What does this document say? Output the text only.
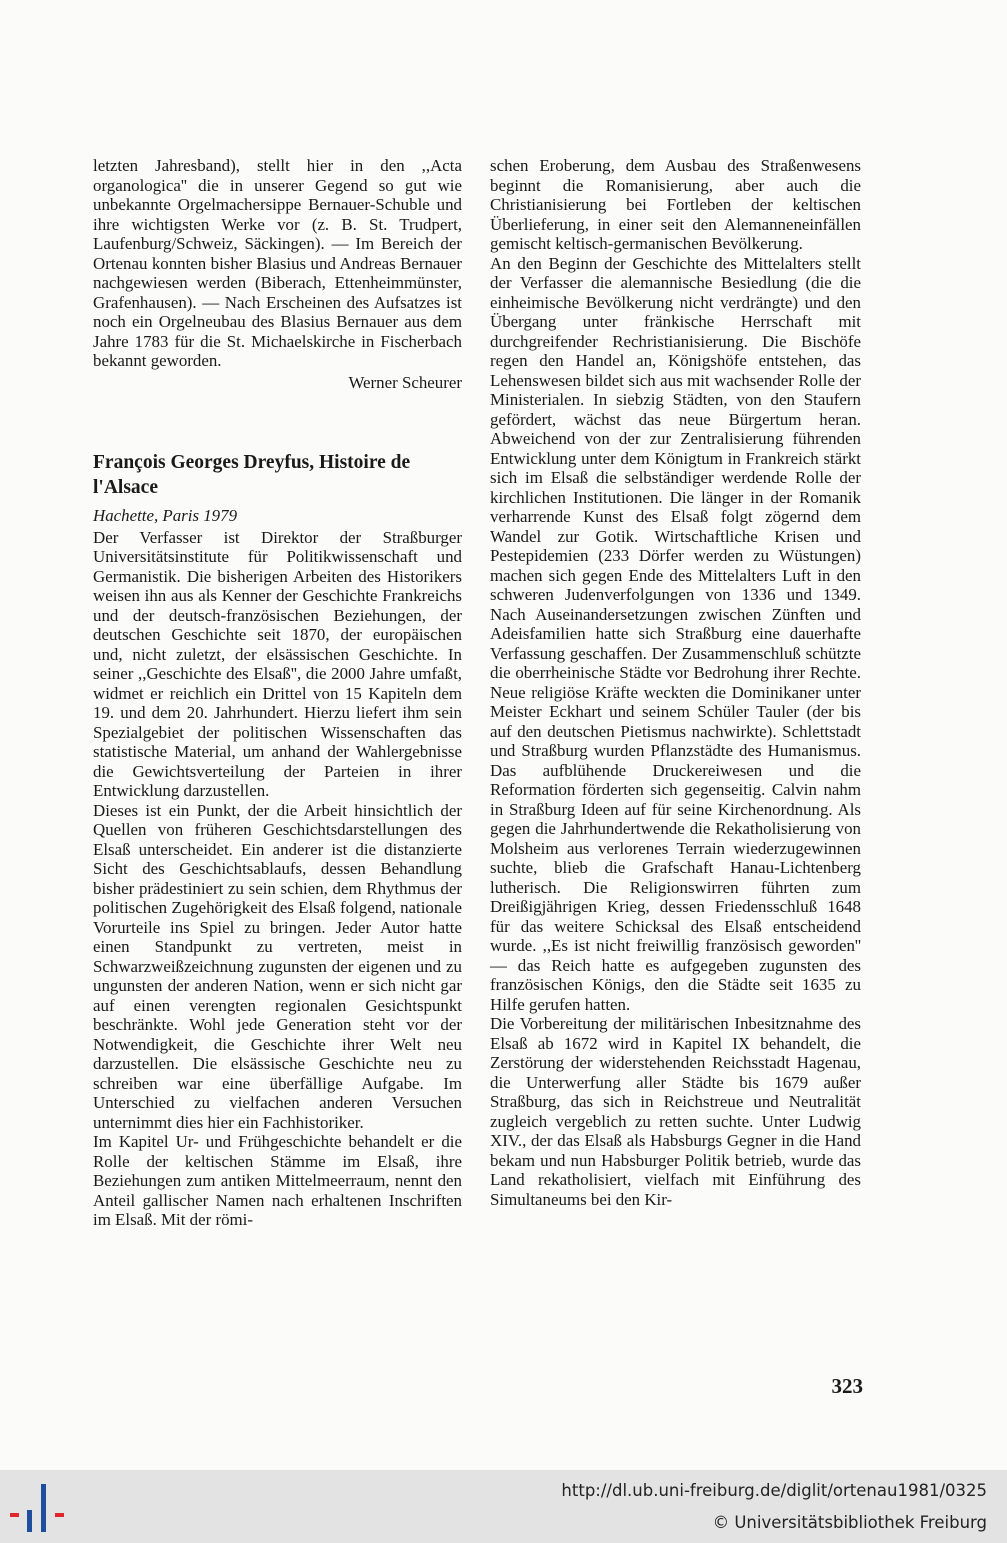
letzten Jahresband), stellt hier in den ,,Acta organologica'' die in unserer Gegend so gut wie unbekannte Orgelmachersippe Bernauer-Schuble und ihre wichtigsten Werke vor (z. B. St. Trudpert, Laufenburg/Schweiz, Säckingen). — Im Bereich der Ortenau konnten bisher Blasius und Andreas Bernauer nachgewiesen werden (Biberach, Ettenheimmünster, Grafenhausen). — Nach Erscheinen des Aufsatzes ist noch ein Orgelneubau des Blasius Bernauer aus dem Jahre 1783 für die St. Michaelskirche in Fischerbach bekannt geworden.

Werner Scheurer

François Georges Dreyfus, Histoire de l'Alsace

Hachette, Paris 1979

Der Verfasser ist Direktor der Straßburger Universitätsinstitute für Politikwissenschaft und Germanistik. Die bisherigen Arbeiten des Historikers weisen ihn aus als Kenner der Geschichte Frankreichs und der deutsch-französischen Beziehungen, der deutschen Geschichte seit 1870, der europäischen und, nicht zuletzt, der elsässischen Geschichte. In seiner ,,Geschichte des Elsaß'', die 2000 Jahre umfaßt, widmet er reichlich ein Drittel von 15 Kapiteln dem 19. und dem 20. Jahrhundert. Hierzu liefert ihm sein Spezialgebiet der politischen Wissenschaften das statistische Material, um anhand der Wahlergebnisse die Gewichtsverteilung der Parteien in ihrer Entwicklung darzustellen.

Dieses ist ein Punkt, der die Arbeit hinsichtlich der Quellen von früheren Geschichtsdarstellungen des Elsaß unterscheidet. Ein anderer ist die distanzierte Sicht des Geschichtsablaufs, dessen Behandlung bisher prädestiniert zu sein schien, dem Rhythmus der politischen Zugehörigkeit des Elsaß folgend, nationale Vorurteile ins Spiel zu bringen. Jeder Autor hatte einen Standpunkt zu vertreten, meist in Schwarzweißzeichnung zugunsten der eigenen und zu ungunsten der anderen Nation, wenn er sich nicht gar auf einen verengten regionalen Gesichtspunkt beschränkte. Wohl jede Generation steht vor der Notwendigkeit, die Geschichte ihrer Welt neu darzustellen. Die elsässische Geschichte neu zu schreiben war eine überfällige Aufgabe. Im Unterschied zu vielfachen anderen Versuchen unternimmt dies hier ein Fachhistoriker.

Im Kapitel Ur- und Frühgeschichte behandelt er die Rolle der keltischen Stämme im Elsaß, ihre Beziehungen zum antiken Mittelmeerraum, nennt den Anteil gallischer Namen nach erhaltenen Inschriften im Elsaß. Mit der römi-

schen Eroberung, dem Ausbau des Straßenwesens beginnt die Romanisierung, aber auch die Christianisierung bei Fortleben der keltischen Überlieferung, in einer seit den Alemanneneinfällen gemischt keltisch-germanischen Bevölkerung.

An den Beginn der Geschichte des Mittelalters stellt der Verfasser die alemannische Besiedlung (die die einheimische Bevölkerung nicht verdrängte) und den Übergang unter fränkische Herrschaft mit durchgreifender Rechristianisierung. Die Bischöfe regen den Handel an, Königshöfe entstehen, das Lehenswesen bildet sich aus mit wachsender Rolle der Ministerialen. In siebzig Städten, von den Staufern gefördert, wächst das neue Bürgertum heran. Abweichend von der zur Zentralisierung führenden Entwicklung unter dem Königtum in Frankreich stärkt sich im Elsaß die selbständiger werdende Rolle der kirchlichen Institutionen. Die länger in der Romanik verharrende Kunst des Elsaß folgt zögernd dem Wandel zur Gotik. Wirtschaftliche Krisen und Pestepidemien (233 Dörfer werden zu Wüstungen) machen sich gegen Ende des Mittelalters Luft in den schweren Judenverfolgungen von 1336 und 1349. Nach Auseinandersetzungen zwischen Zünften und Adeisfamilien hatte sich Straßburg eine dauerhafte Verfassung geschaffen. Der Zusammenschluß schützte die oberrheinische Städte vor Bedrohung ihrer Rechte. Neue religiöse Kräfte weckten die Dominikaner unter Meister Eckhart und seinem Schüler Tauler (der bis auf den deutschen Pietismus nachwirkte). Schlettstadt und Straßburg wurden Pflanzstädte des Humanismus. Das aufblühende Druckereiwesen und die Reformation förderten sich gegenseitig. Calvin nahm in Straßburg Ideen auf für seine Kirchenordnung. Als gegen die Jahrhundertwende die Rekatholisierung von Molsheim aus verlorenes Terrain wiederzugewinnen suchte, blieb die Grafschaft Hanau-Lichtenberg lutherisch. Die Religionswirren führten zum Dreißigjährigen Krieg, dessen Friedensschluß 1648 für das weitere Schicksal des Elsaß entscheidend wurde. ,,Es ist nicht freiwillig französisch geworden'' — das Reich hatte es aufgegeben zugunsten des französischen Königs, den die Städte seit 1635 zu Hilfe gerufen hatten.

Die Vorbereitung der militärischen Inbesitznahme des Elsaß ab 1672 wird in Kapitel IX behandelt, die Zerstörung der widerstehenden Reichsstadt Hagenau, die Unterwerfung aller Städte bis 1679 außer Straßburg, das sich in Reichstreue und Neutralität zugleich vergeblich zu retten suchte. Unter Ludwig XIV., der das Elsaß als Habsburgs Gegner in die Hand bekam und nun Habsburger Politik betrieb, wurde das Land rekatholisiert, vielfach mit Einführung des Simultaneums bei den Kir-

323
http://dl.ub.uni-freiburg.de/diglit/ortenau1981/0325
© Universitätsbibliothek Freiburg
